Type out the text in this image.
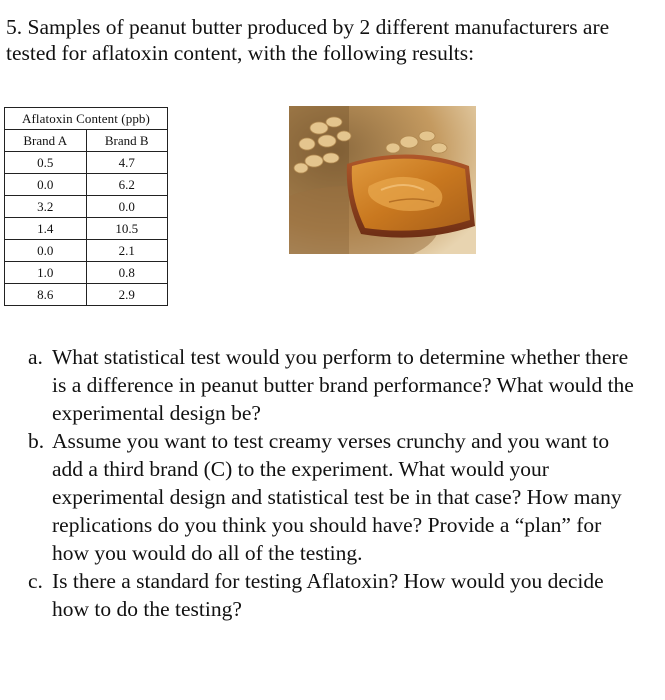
5. Samples of peanut butter produced by 2 different manufacturers are tested for aflatoxin content, with the following results:

Aflatoxin Content (ppb)	
Brand A	Brand B
0.5	4.7
0.0	6.2
3.2	0.0
1.4	10.5
0.0	2.1
1.0	0.8
8.6	2.9
a. What statistical test would you perform to determine whether there is a difference in peanut butter brand performance? What would the experimental design be?
b. Assume you want to test creamy verses crunchy and you want to add a third brand (C) to the experiment. What would your experimental design and statistical test be in that case? How many replications do you think you should have? Provide a “plan” for how you would do all of the testing.
c. Is there a standard for testing Aflatoxin? How would you decide how to do the testing?
